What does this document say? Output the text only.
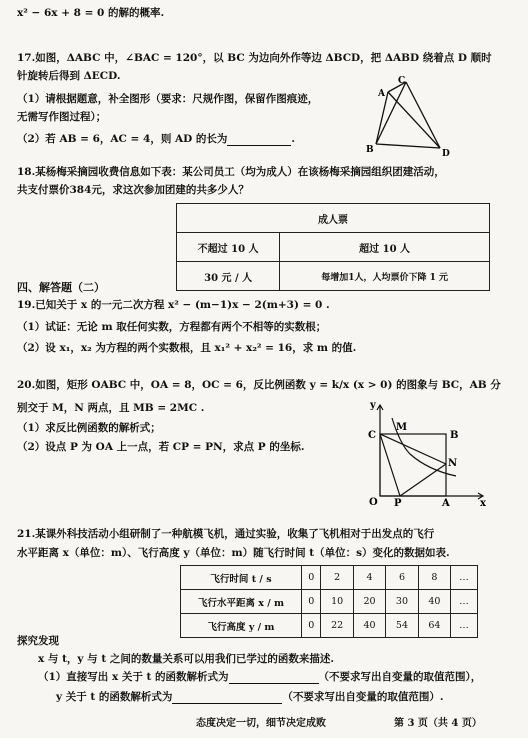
x² − 6x + 8 = 0 的解的概率.
17.如图，ΔABC 中，∠BAC = 120°，以 BC 为边向外作等边 ΔBCD，把 ΔABD 绕着点 D 顺时
针旋转后得到 ΔECD.
（1）请根据题意，补全图形（要求：尺规作图，保留作图痕迹，
无需写作图过程）；
（2）若 AB = 6，AC = 4，则 AD 的长为	.
C
A
B	D
18.某杨梅采摘园收费信息如下表：某公司员工（均为成人）在该杨梅采摘园组织团建活动，
共支付票价384元，求这次参加团建的共多少人？
成人票	
不超过 10 人	超过 10 人
30 元 / 人	每增加1人，人均票价下降 1 元
四、解答题（二）
19.已知关于 x 的一元二次方程 x² − (m−1)x − 2(m+3) = 0 .
（1）试证：无论 m 取任何实数，方程都有两个不相等的实数根；
（2）设 x₁，x₂ 为方程的两个实数根，且 x₁² + x₂² = 16，求 m 的值.
20.如图，矩形 OABC 中，OA = 8，OC = 6，反比例函数 y = k/x (x > 0) 的图象与 BC，AB 分
别交于 M，N 两点，且 MB = 2MC .
（1）求反比例函数的解析式；
（2）设点 P 为 OA 上一点，若 CP = PN，求点 P 的坐标.
y
x
O P	A
B
C
M
N
21.某课外科技活动小组研制了一种航模飞机，通过实验，收集了飞机相对于出发点的飞行
水平距离 x（单位：m）、飞行高度 y（单位：m）随飞行时间 t（单位：s）变化的数据如表.
飞行时间 t / s	0	2	4	6	8	…
飞行水平距离 x / m	0	10	20	30	40	…
飞行高度 y / m	0	22	40	54	64	…
探究发现
x 与 t，y 与 t 之间的数量关系可以用我们已学过的函数来描述.
（1）直接写出 x 关于 t 的函数解析式为	（不要求写出自变量的取值范围），
y 关于 t 的函数解析式为	（不要求写出自变量的取值范围）.
态度决定一切，细节决定成败	第 3 页（共 4 页）
